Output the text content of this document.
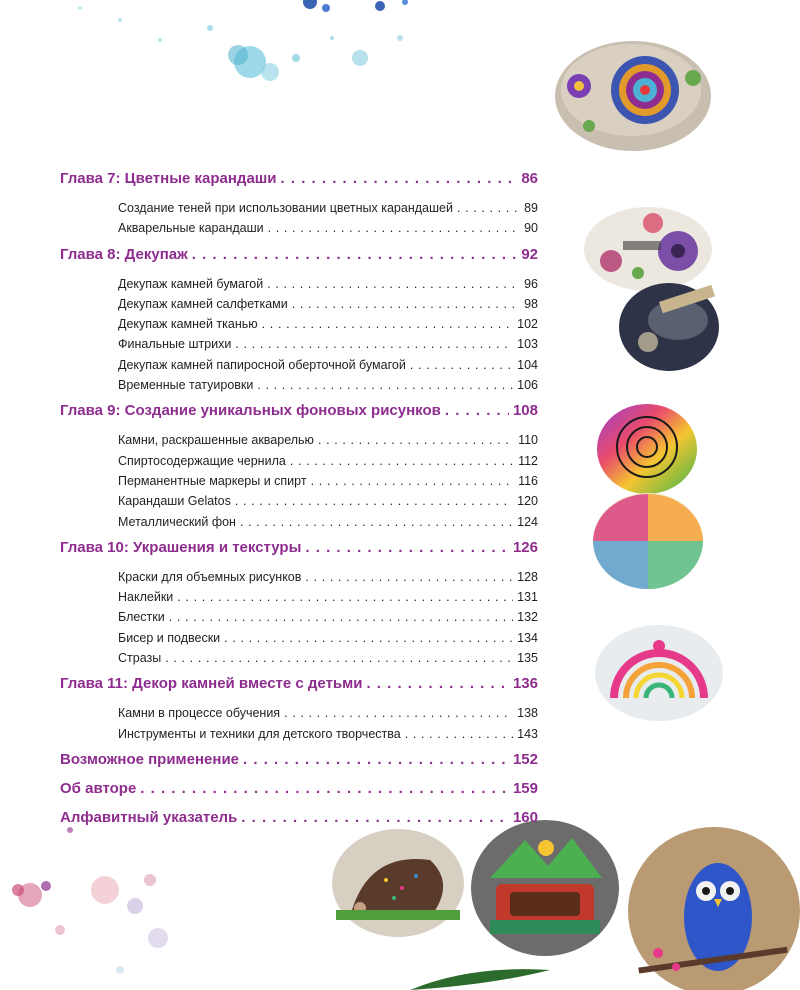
Глава 7: Цветные карандаши . . .	86
Создание теней при использовании цветных карандашей . . .	89
Акварельные карандаши . . .	90
Глава 8: Декупаж . . .	92
Декупаж камней бумагой . . .	96
Декупаж камней салфетками . . .	98
Декупаж камней тканью . . .	102
Финальные штрихи . . .	103
Декупаж камней папиросной оберточной бумагой . . .	104
Временные татуировки . . .	106
Глава 9: Создание уникальных фоновых рисунков . . .	108
Камни, раскрашенные акварелью . . .	110
Спиртосодержащие чернила . . .	112
Перманентные маркеры и спирт . . .	116
Карандаши Gelatos . . .	120
Металлический фон . . .	124
Глава 10: Украшения и текстуры . . .	126
Краски для объемных рисунков . . .	128
Наклейки . . .	131
Блестки . . .	132
Бисер и подвески . . .	134
Стразы . . .	135
Глава 11: Декор камней вместе с детьми . . .	136
Камни в процессе обучения . . .	138
Инструменты и техники для детского творчества . . .	143
Возможное применение . . .	152
Об авторе . . .	159
Алфавитный указатель . . .	160
